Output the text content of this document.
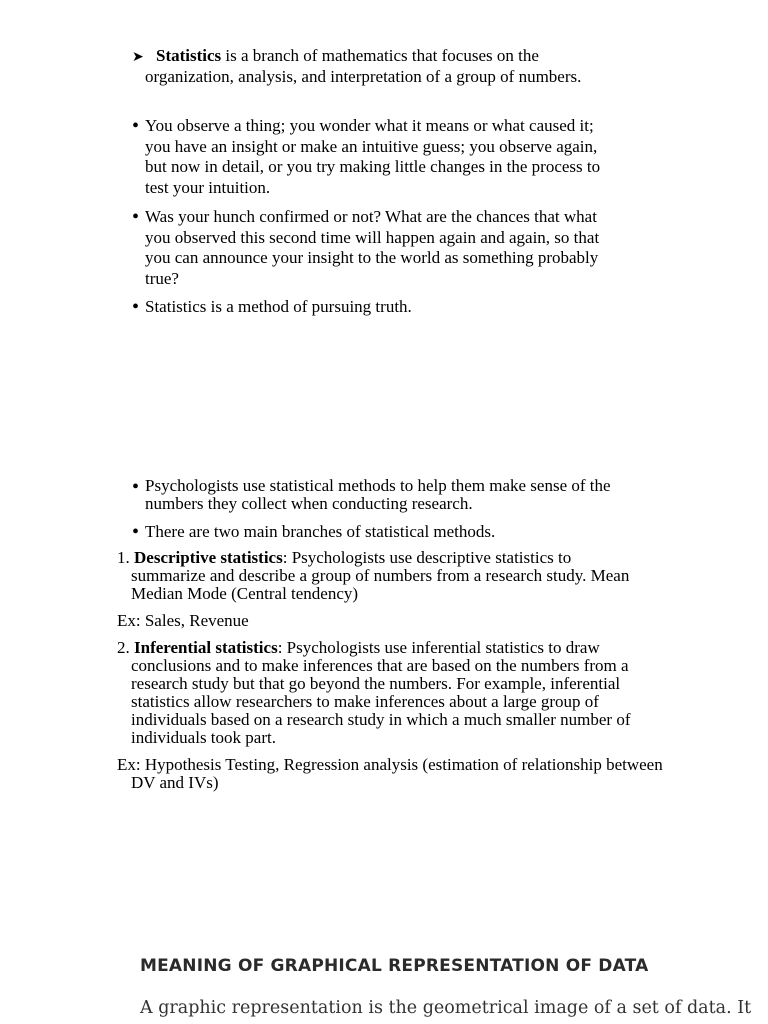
➤ Statistics is a branch of mathematics that focuses on the organization, analysis, and interpretation of a group of numbers.
• You observe a thing; you wonder what it means or what caused it; you have an insight or make an intuitive guess; you observe again, but now in detail, or you try making little changes in the process to test your intuition.
• Was your hunch confirmed or not? What are the chances that what you observed this second time will happen again and again, so that you can announce your insight to the world as something probably true?
• Statistics is a method of pursuing truth.
• Psychologists use statistical methods to help them make sense of the numbers they collect when conducting research.
• There are two main branches of statistical methods.
1. Descriptive statistics: Psychologists use descriptive statistics to summarize and describe a group of numbers from a research study. Mean Median Mode (Central tendency)
Ex: Sales, Revenue
2. Inferential statistics: Psychologists use inferential statistics to draw conclusions and to make inferences that are based on the numbers from a research study but that go beyond the numbers. For example, inferential statistics allow researchers to make inferences about a large group of individuals based on a research study in which a much smaller number of individuals took part.
Ex: Hypothesis Testing, Regression analysis (estimation of relationship between DV and IVs)
MEANING OF GRAPHICAL REPRESENTATION OF DATA
A graphic representation is the geometrical image of a set of data. It
